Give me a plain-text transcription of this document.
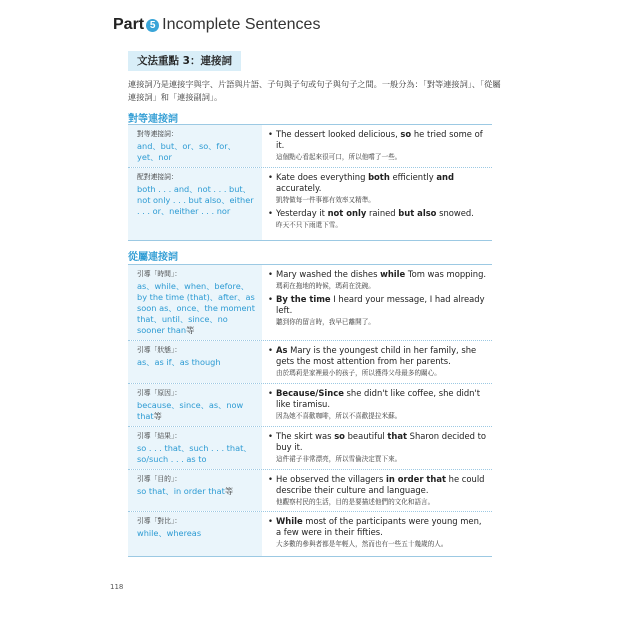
Part 5 Incomplete Sentences
文法重點 3：連接詞
連接詞乃是連接字與字、片語與片語、子句與子句或句子與句子之間。一般分為：「對等連接詞」、「從屬連接詞」和「連接副詞」。
對等連接詞
對等連接詞：
and、but、or、so、for、yet、nor
• The dessert looked delicious, so he tried some of it.
這個點心看起來很可口，所以他嚐了一些。
配對連接詞：
both . . . and、not . . . but、not only . . . but also、either . . . or、neither . . . nor
• Kate does everything both efficiently and accurately.
凱特做每一件事都有效率又精準。
• Yesterday it not only rained but also snowed.
昨天不只下雨還下雪。
從屬連接詞
引導「時間」：
as、while、when、before、by the time (that)、after、as soon as、once、the moment that、until、since、no sooner than等
• Mary washed the dishes while Tom was mopping.
瑪莉在拖地的時候，瑪莉在洗碗。
• By the time I heard your message, I had already left.
聽到你的留言時，我早已離開了。
引導「狀態」：
as、as if、as though
• As Mary is the youngest child in her family, she gets the most attention from her parents.
由於瑪莉是家裡最小的孩子，所以獲得父母最多的關心。
引導「原因」：
because、since、as、now that等
• Because/Since she didn't like coffee, she didn't like tiramisu.
因為她不喜歡咖啡，所以不喜歡提拉米蘇。
引導「結果」：
so . . . that、such . . . that、so/such . . . as to
• The skirt was so beautiful that Sharon decided to buy it.
這件裙子非常漂亮，所以雪倫決定買下來。
引導「目的」：
so that、in order that等
• He observed the villagers in order that he could describe their culture and language.
他觀察村民的生活，目的是要描述他們的文化和語言。
引導「對比」：
while、whereas
• While most of the participants were young men, a few were in their fifties.
大多數的參與者都是年輕人，然而也有一些五十幾歲的人。
118
